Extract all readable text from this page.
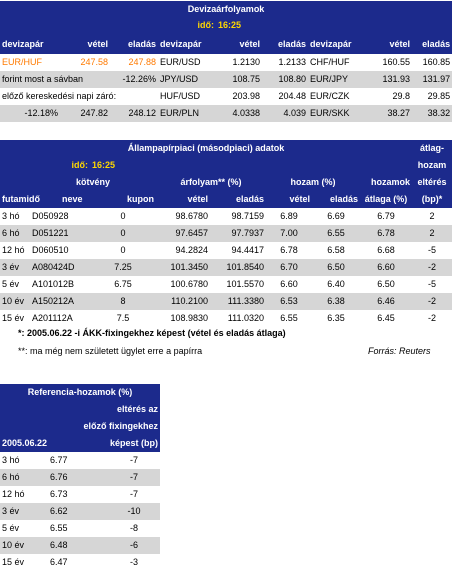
Devizaárfolyamok								
idő:				16:25				
devizapár	vétel	eladás	devizapár	vétel	eladás	devizapár	vétel	eladás
EUR/HUF	247.58	247.88	EUR/USD	1.2130	1.2133	CHF/HUF	160.55	160.85
forint most a sávban		-12.26%	JPY/USD	108.75	108.80	EUR/JPY	131.93	131.97
előző kereskedési napi záró:			HUF/USD	203.98	204.48	EUR/CZK	29.8	29.85
-12.18%	247.82	248.12	EUR/PLN	4.0338	4.039	EUR/SKK	38.27	38.32
Állampapírpiaci (másodpiaci) adatok								átlag-
idő:		16:25						hozam
	kötvény		árfolyam** (%)		hozam (%)		hozamok	eltérés
futamidő	neve	kupon	vétel	eladás	vétel	eladás	átlaga (%)	(bp)*
3 hó	D050928	0	98.6780	98.7159	6.89	6.69	6.79	2
6 hó	D051221	0	97.6457	97.7937	7.00	6.55	6.78	2
12 hó	D060510	0	94.2824	94.4417	6.78	6.58	6.68	-5
3 év	A080424D	7.25	101.3450	101.8540	6.70	6.50	6.60	-2
5 év	A101012B	6.75	100.6780	101.5570	6.60	6.40	6.50	-5
10 év	A150212A	8	110.2100	111.3380	6.53	6.38	6.46	-2
15 év	A201112A	7.5	108.9830	111.0320	6.55	6.35	6.45	-2
*: 2005.06.22 -i ÁKK-fixingekhez képest (vétel és eladás átlaga)
**: ma még nem született ügylet erre a papírra	Forrás: Reuters
Referencia-hozamok (%)		
eltérés az		
előző fixingekhez		
2005.06.22		képest (bp)
3 hó	6.77	-7
6 hó	6.76	-7
12 hó	6.73	-7
3 év	6.62	-10
5 év	6.55	-8
10 év	6.48	-6
15 év	6.47	-3
